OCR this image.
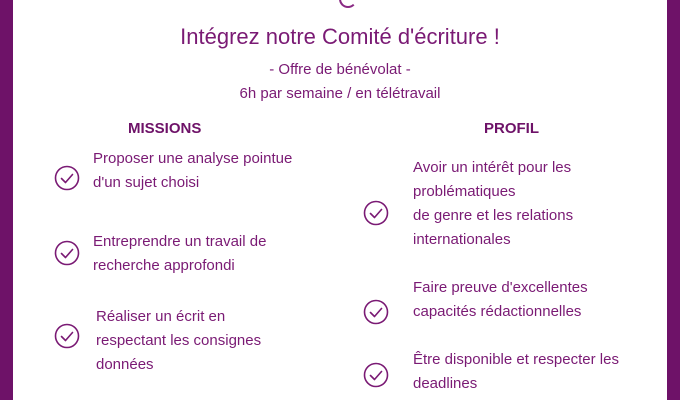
Intégrez notre Comité d'écriture !
- Offre de bénévolat -
6h par semaine / en télétravail
MISSIONS
Proposer une analyse pointue
d'un sujet choisi
Entreprendre un travail de
recherche approfondi
Réaliser un écrit en
respectant les consignes
données
PROFIL
Avoir un intérêt pour les
problématiques
de genre et les relations
internationales
Faire preuve d'excellentes
capacités rédactionnelles
Être disponible et respecter les
deadlines
